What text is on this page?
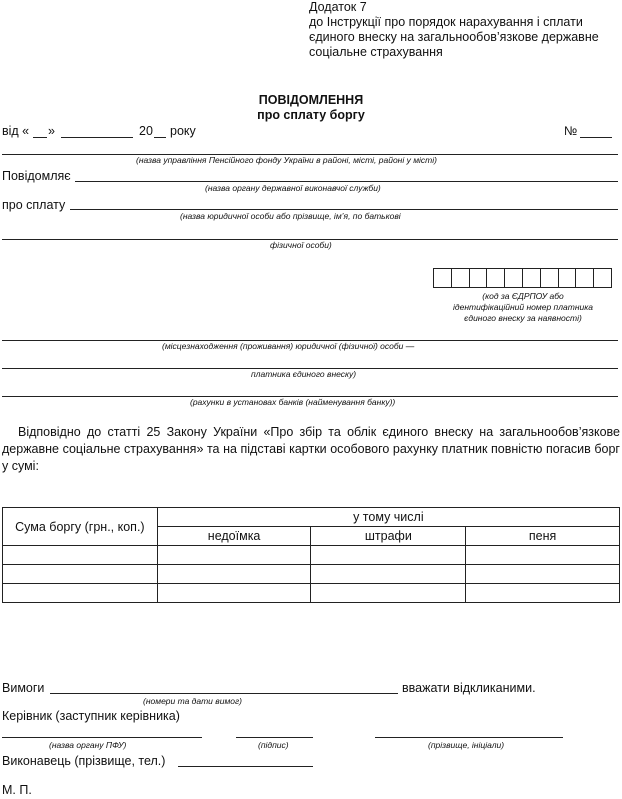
Додаток 7
до Інструкції про порядок нарахування і сплати
єдиного внеску на загальнообов’язкове державне
соціальне страхування
ПОВІДОМЛЕННЯ
про сплату боргу
від « »	20 року	№
(назва управління Пенсійного фонду України в районі, місті, районі у місті)
Повідомляє
(назва органу державної виконавчої служби)
про сплату
(назва юридичної особи або прізвище, ім’я, по батькові
фізичної особи)
(код за ЄДРПОУ або
ідентифікаційний номер платника
єдиного внеску за наявності)
(місцезнаходження (проживання) юридичної (фізичної) особи —
платника єдиного внеску)
(рахунки в установах банків (найменування банку))
Відповідно до статті 25 Закону України «Про збір та облік єдиного внеску на загальнообов’язкове державне соціальне страхування» та на підставі картки особового рахунку платник повністю погасив борг у сумі:
Сума боргу (грн., коп.)	у тому числі		
	недоїмка	штрафи	пеня

Вимоги	вважати відкликаними.
(номери та дати вимог)
Керівник (заступник керівника)
(назва органу ПФУ)	(підпис)	(прізвище, ініціали)
Виконавець (прізвище, тел.)
М. П.
